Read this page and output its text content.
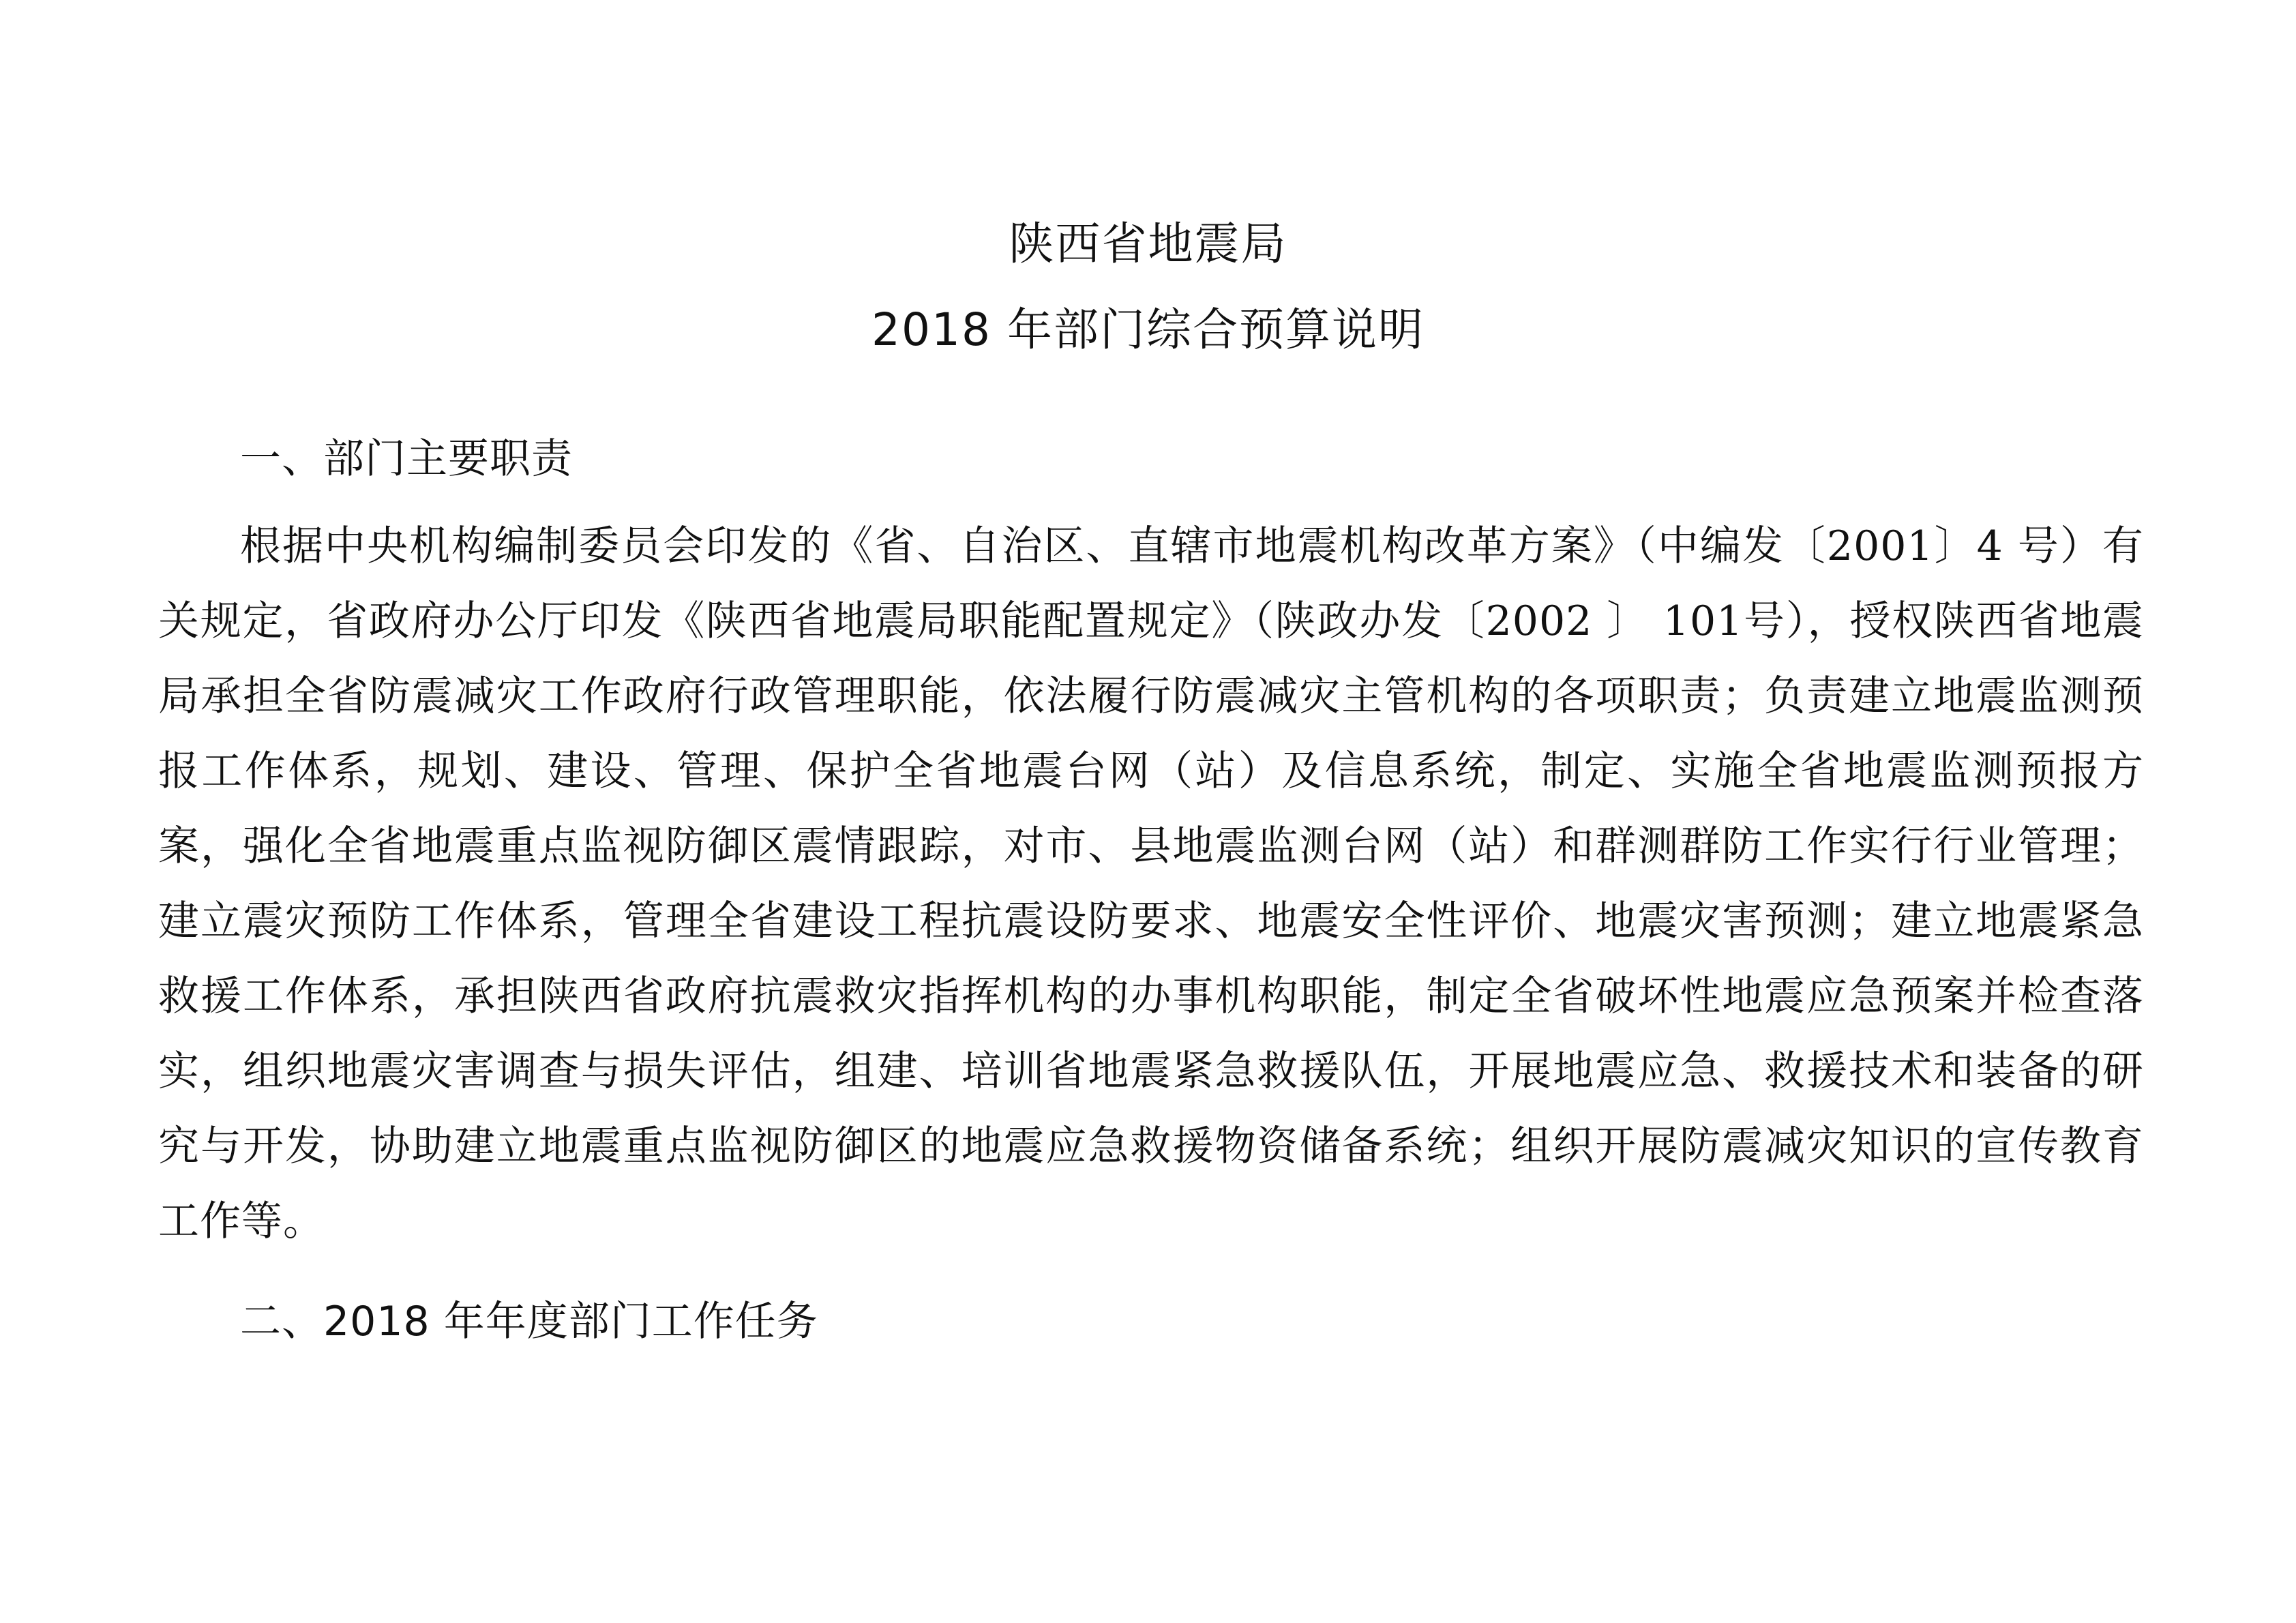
陕西省地震局
2018 年部门综合预算说明
一、部门主要职责

根据中央机构编制委员会印发的《省、自治区、直辖市地震机构改革方案》（中编发〔2001〕4 号）有关规定，省政府办公厅印发《陕西省地震局职能配置规定》（陕政办发〔2002 〕 101号），授权陕西省地震局承担全省防震减灾工作政府行政管理职能，依法履行防震减灾主管机构的各项职责；负责建立地震监测预报工作体系，规划、建设、管理、保护全省地震台网（站）及信息系统，制定、实施全省地震监测预报方案，强化全省地震重点监视防御区震情跟踪，对市、县地震监测台网（站）和群测群防工作实行行业管理；建立震灾预防工作体系，管理全省建设工程抗震设防要求、地震安全性评价、地震灾害预测；建立地震紧急救援工作体系，承担陕西省政府抗震救灾指挥机构的办事机构职能，制定全省破坏性地震应急预案并检查落实，组织地震灾害调查与损失评估，组建、培训省地震紧急救援队伍，开展地震应急、救援技术和装备的研究与开发，协助建立地震重点监视防御区的地震应急救援物资储备系统；组织开展防震减灾知识的宣传教育工作等。

二、2018 年年度部门工作任务
